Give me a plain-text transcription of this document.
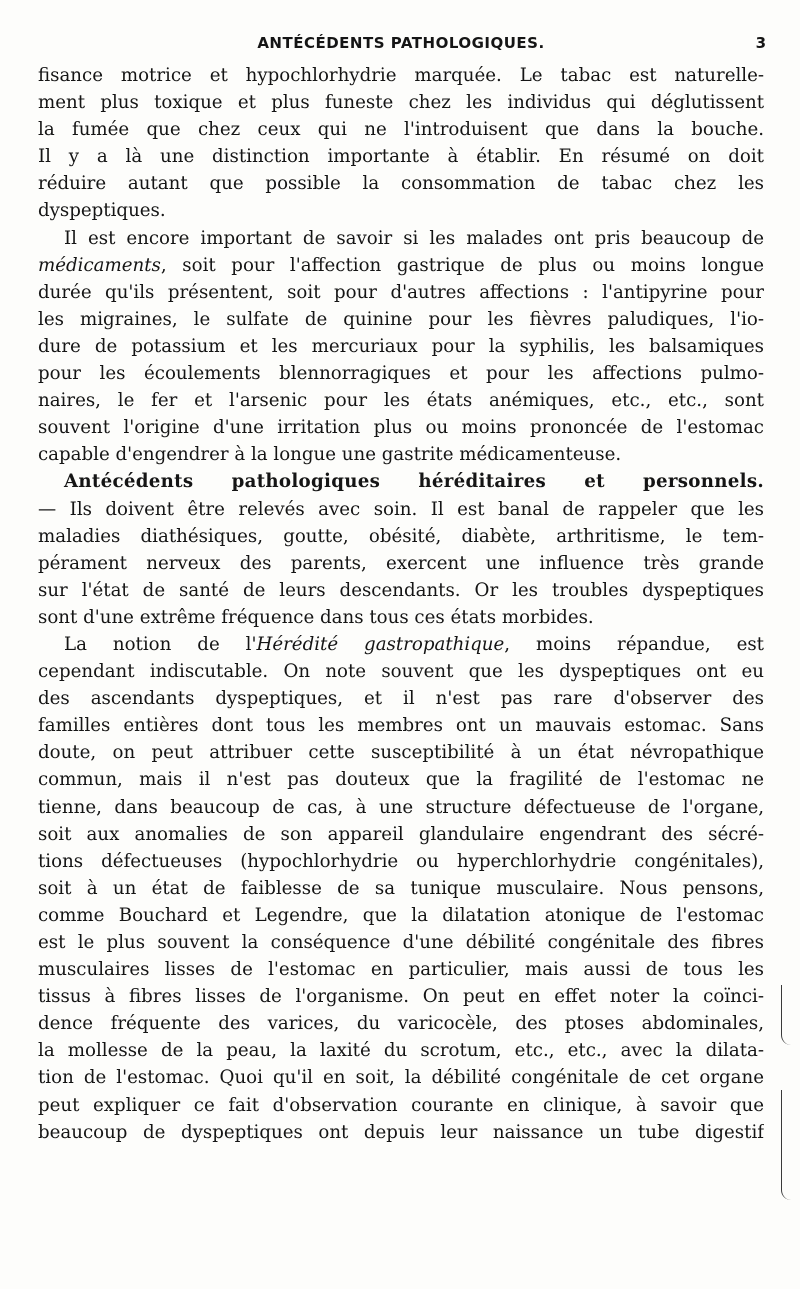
ANTÉCÉDENTS PATHOLOGIQUES.	3
fisance motrice et hypochlorhydrie marquée. Le tabac est naturelle-
ment plus toxique et plus funeste chez les individus qui déglutissent
la fumée que chez ceux qui ne l'introduisent que dans la bouche.
Il y a là une distinction importante à établir. En résumé on doit
réduire autant que possible la consommation de tabac chez les
dyspeptiques.
Il est encore important de savoir si les malades ont pris beaucoup de
médicaments, soit pour l'affection gastrique de plus ou moins longue
durée qu'ils présentent, soit pour d'autres affections : l'antipyrine pour
les migraines, le sulfate de quinine pour les fièvres paludiques, l'io-
dure de potassium et les mercuriaux pour la syphilis, les balsamiques
pour les écoulements blennorragiques et pour les affections pulmo-
naires, le fer et l'arsenic pour les états anémiques, etc., etc., sont
souvent l'origine d'une irritation plus ou moins prononcée de l'estomac
capable d'engendrer à la longue une gastrite médicamenteuse.
Antécédents pathologiques héréditaires et personnels.
— Ils doivent être relevés avec soin. Il est banal de rappeler que les
maladies diathésiques, goutte, obésité, diabète, arthritisme, le tem-
pérament nerveux des parents, exercent une influence très grande
sur l'état de santé de leurs descendants. Or les troubles dyspeptiques
sont d'une extrême fréquence dans tous ces états morbides.
La notion de l'Hérédité gastropathique, moins répandue, est
cependant indiscutable. On note souvent que les dyspeptiques ont eu
des ascendants dyspeptiques, et il n'est pas rare d'observer des
familles entières dont tous les membres ont un mauvais estomac. Sans
doute, on peut attribuer cette susceptibilité à un état névropathique
commun, mais il n'est pas douteux que la fragilité de l'estomac ne
tienne, dans beaucoup de cas, à une structure défectueuse de l'organe,
soit aux anomalies de son appareil glandulaire engendrant des sécré-
tions défectueuses (hypochlorhydrie ou hyperchlorhydrie congénitales),
soit à un état de faiblesse de sa tunique musculaire. Nous pensons,
comme Bouchard et Legendre, que la dilatation atonique de l'estomac
est le plus souvent la conséquence d'une débilité congénitale des fibres
musculaires lisses de l'estomac en particulier, mais aussi de tous les
tissus à fibres lisses de l'organisme. On peut en effet noter la coïnci-
dence fréquente des varices, du varicocèle, des ptoses abdominales,
la mollesse de la peau, la laxité du scrotum, etc., etc., avec la dilata-
tion de l'estomac. Quoi qu'il en soit, la débilité congénitale de cet organe
peut expliquer ce fait d'observation courante en clinique, à savoir que
beaucoup de dyspeptiques ont depuis leur naissance un tube digestif
